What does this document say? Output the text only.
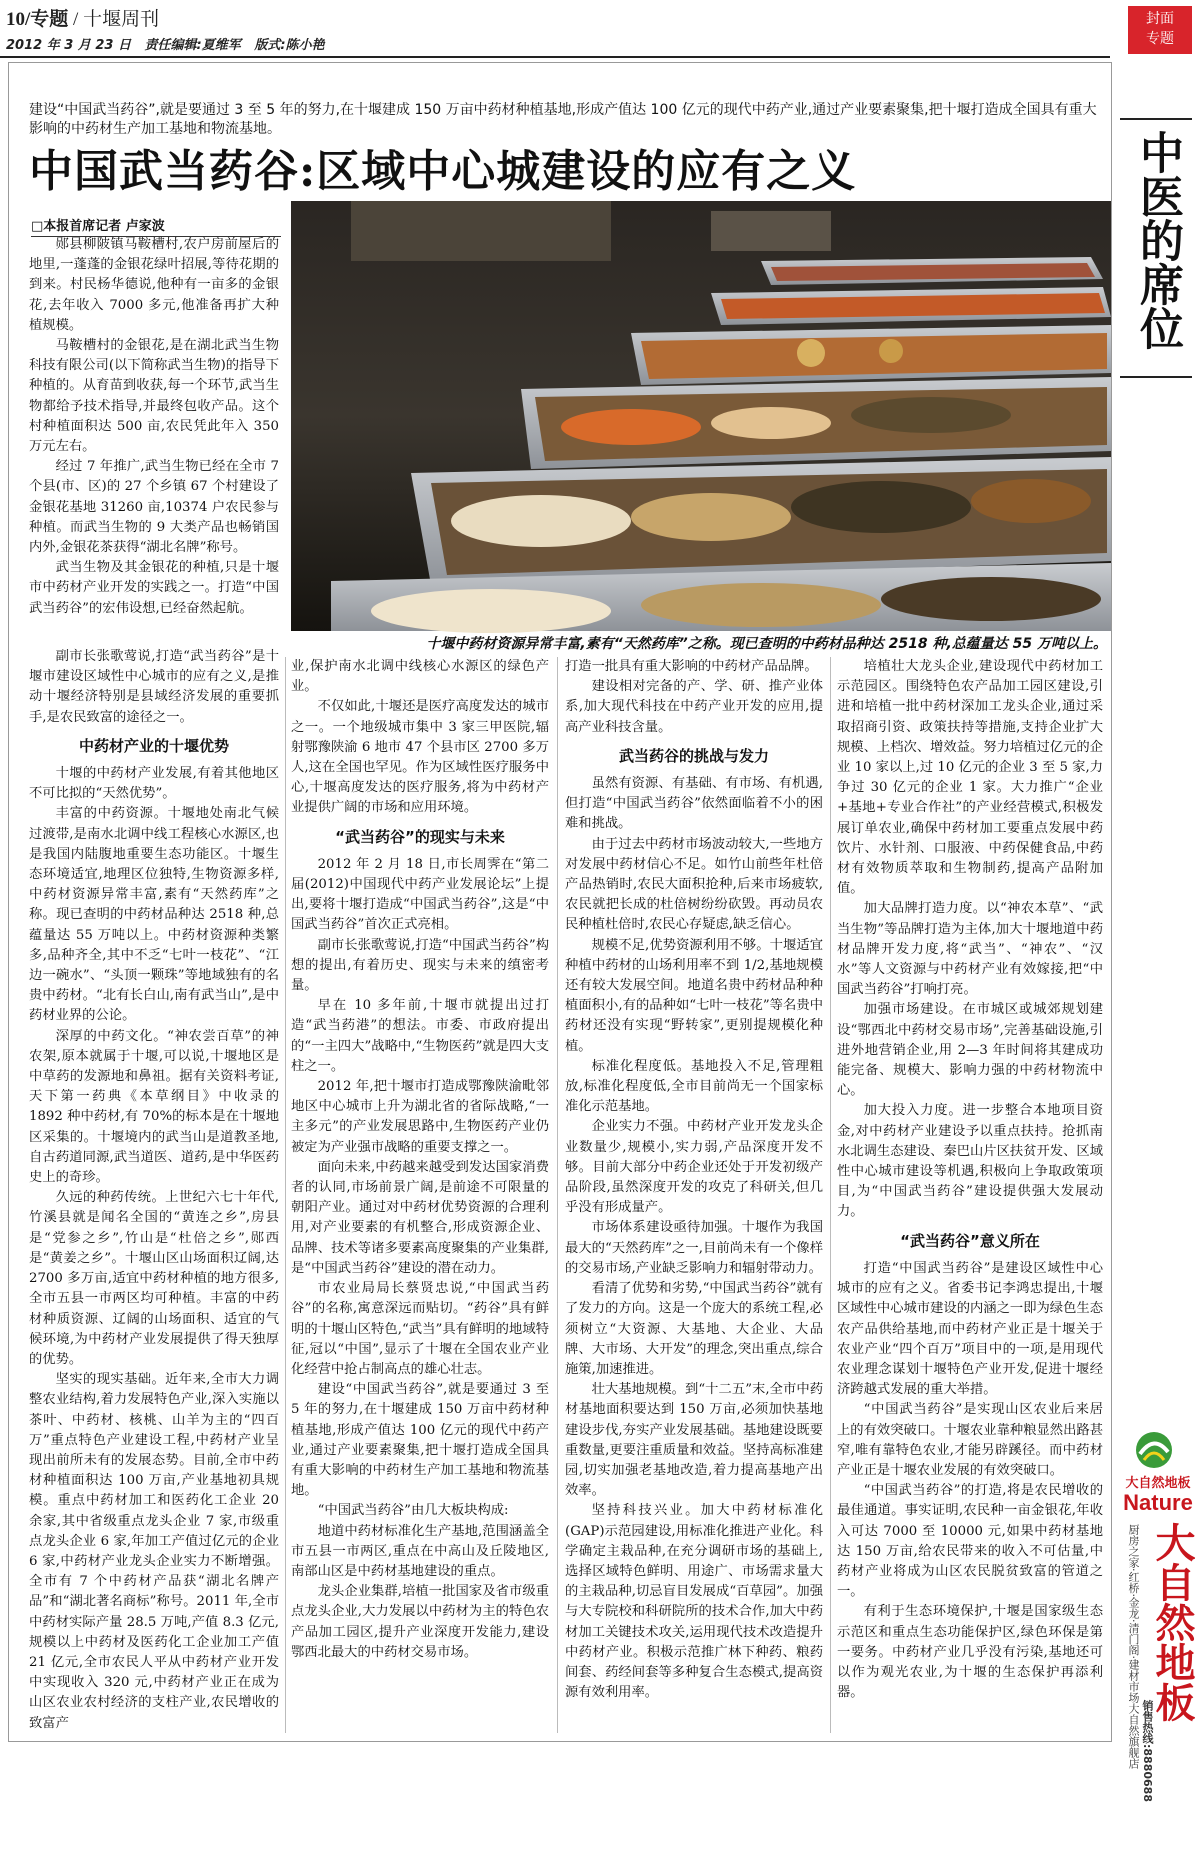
10/专题 / 十堰周刊
2012 年 3 月 23 日 责任编辑:夏维军 版式:陈小艳
封面
专题
中医的席位
大自然地板
Nature
厨房之家·红桥·金龙·清门阁·建材市场大自然旗舰店 销售热线:8880688
大自然地板
建设“中国武当药谷”,就是要通过 3 至 5 年的努力,在十堰建成 150 万亩中药材种植基地,形成产值达 100 亿元的现代中药产业,通过产业要素聚集,把十堰打造成全国具有重大影响的中药材生产加工基地和物流基地。
中国武当药谷:区域中心城建设的应有之义
□本报首席记者 卢家波

郧县柳陂镇马鞍槽村,农户房前屋后的地里,一蓬蓬的金银花绿叶招展,等待花期的到来。村民杨华德说,他种有一亩多的金银花,去年收入 7000 多元,他准备再扩大种植规模。

马鞍槽村的金银花,是在湖北武当生物科技有限公司(以下简称武当生物)的指导下种植的。从育苗到收获,每一个环节,武当生物都给予技术指导,并最终包收产品。这个村种植面积达 500 亩,农民凭此年入 350 万元左右。

经过 7 年推广,武当生物已经在全市 7 个县(市、区)的 27 个乡镇 67 个村建设了金银花基地 31260 亩,10374 户农民参与种植。而武当生物的 9 大类产品也畅销国内外,金银花茶获得“湖北名牌”称号。

武当生物及其金银花的种植,只是十堰市中药材产业开发的实践之一。打造“中国武当药谷”的宏伟设想,已经奋然起航。

十堰中药材资源异常丰富,素有“天然药库”之称。现已查明的中药材品种达 2518 种,总蕴量达 55 万吨以上。

副市长张歌莺说,打造“武当药谷”是十堰市建设区域性中心城市的应有之义,是推动十堰经济特别是县域经济发展的重要抓手,是农民致富的途径之一。

中药材产业的十堰优势

十堰的中药材产业发展,有着其他地区不可比拟的“天然优势”。

丰富的中药资源。十堰地处南北气候过渡带,是南水北调中线工程核心水源区,也是我国内陆腹地重要生态功能区。十堰生态环境适宜,地理区位独特,生物资源多样,中药材资源异常丰富,素有“天然药库”之称。现已查明的中药材品种达 2518 种,总蕴量达 55 万吨以上。中药材资源种类繁多,品种齐全,其中不乏“七叶一枝花”、“江边一碗水”、“头顶一颗珠”等地域独有的名贵中药材。“北有长白山,南有武当山”,是中药材业界的公论。

深厚的中药文化。“神农尝百草”的神农架,原本就属于十堰,可以说,十堰地区是中草药的发源地和鼻祖。据有关资料考证,天下第一药典《本草纲目》中收录的 1892 种中药材,有 70%的标本是在十堰地区采集的。十堰境内的武当山是道教圣地,自古药道同源,武当道医、道药,是中华医药史上的奇珍。

久远的种药传统。上世纪六七十年代,竹溪县就是闻名全国的“黄连之乡”,房县是“党参之乡”,竹山是“杜倍之乡”,郧西是“黄姜之乡”。十堰山区山场面积辽阔,达 2700 多万亩,适宜中药材种植的地方很多,全市五县一市两区均可种植。丰富的中药材种质资源、辽阔的山场面积、适宜的气候环境,为中药材产业发展提供了得天独厚的优势。

坚实的现实基础。近年来,全市大力调整农业结构,着力发展特色产业,深入实施以茶叶、中药材、核桃、山羊为主的“四百万”重点特色产业建设工程,中药材产业呈现出前所未有的发展态势。目前,全市中药材种植面积达 100 万亩,产业基地初具规模。重点中药材加工和医药化工企业 20 余家,其中省级重点龙头企业 7 家,市级重点龙头企业 6 家,年加工产值过亿元的企业 6 家,中药材产业龙头企业实力不断增强。全市有 7 个中药材产品获“湖北名牌产品”和“湖北著名商标”称号。2011 年,全市中药材实际产量 28.5 万吨,产值 8.3 亿元,规模以上中药材及医药化工企业加工产值 21 亿元,全市农民人平从中药材产业开发中实现收入 320 元,中药材产业正在成为山区农业农村经济的支柱产业,农民增收的致富产

业,保护南水北调中线核心水源区的绿色产业。

不仅如此,十堰还是医疗高度发达的城市之一。一个地级城市集中 3 家三甲医院,辐射鄂豫陕渝 6 地市 47 个县市区 2700 多万人,这在全国也罕见。作为区域性医疗服务中心,十堰高度发达的医疗服务,将为中药材产业提供广阔的市场和应用环境。

“武当药谷”的现实与未来

2012 年 2 月 18 日,市长周霁在“第二届(2012)中国现代中药产业发展论坛”上提出,要将十堰打造成“中国武当药谷”,这是“中国武当药谷”首次正式亮相。

副市长张歌莺说,打造“中国武当药谷”构想的提出,有着历史、现实与未来的缜密考量。

早在 10 多年前,十堰市就提出过打造“武当药港”的想法。市委、市政府提出的“一主四大”战略中,“生物医药”就是四大支柱之一。

2012 年,把十堰市打造成鄂豫陕渝毗邻地区中心城市上升为湖北省的省际战略,“一主多元”的产业发展思路中,生物医药产业仍被定为产业强市战略的重要支撑之一。

面向未来,中药越来越受到发达国家消费者的认同,市场前景广阔,是前途不可限量的朝阳产业。通过对中药材优势资源的合理利用,对产业要素的有机整合,形成资源企业、品牌、技术等诸多要素高度聚集的产业集群,是“中国武当药谷”建设的潜在动力。

市农业局局长蔡贤忠说,“中国武当药谷”的名称,寓意深远而贴切。“药谷”具有鲜明的十堰山区特色,“武当”具有鲜明的地域特征,冠以“中国”,显示了十堰在全国农业产业化经营中抢占制高点的雄心壮志。

建设“中国武当药谷”,就是要通过 3 至 5 年的努力,在十堰建成 150 万亩中药材种植基地,形成产值达 100 亿元的现代中药产业,通过产业要素聚集,把十堰打造成全国具有重大影响的中药材生产加工基地和物流基地。

“中国武当药谷”由几大板块构成:

地道中药材标准化生产基地,范围涵盖全市五县一市两区,重点在中高山及丘陵地区,南部山区是中药材基地建设的重点。

龙头企业集群,培植一批国家及省市级重点龙头企业,大力发展以中药材为主的特色农产品加工园区,提升产业深度开发能力,建设鄂西北最大的中药材交易市场。

打造一批具有重大影响的中药材产品品牌。

建设相对完备的产、学、研、推产业体系,加大现代科技在中药产业开发的应用,提高产业科技含量。

武当药谷的挑战与发力

虽然有资源、有基础、有市场、有机遇,但打造“中国武当药谷”依然面临着不小的困难和挑战。

由于过去中药材市场波动较大,一些地方对发展中药材信心不足。如竹山前些年杜倍产品热销时,农民大面积抢种,后来市场疲软,农民就把长成的杜倍树纷纷砍毁。再动员农民种植杜倍时,农民心存疑虑,缺乏信心。

规模不足,优势资源利用不够。十堰适宜种植中药材的山场利用率不到 1/2,基地规模还有较大发展空间。地道名贵中药材品种种植面积小,有的品种如“七叶一枝花”等名贵中药材还没有实现“野转家”,更别提规模化种植。

标准化程度低。基地投入不足,管理粗放,标准化程度低,全市目前尚无一个国家标准化示范基地。

企业实力不强。中药材产业开发龙头企业数量少,规模小,实力弱,产品深度开发不够。目前大部分中药企业还处于开发初级产品阶段,虽然深度开发的攻克了科研关,但几乎没有形成量产。

市场体系建设亟待加强。十堰作为我国最大的“天然药库”之一,目前尚未有一个像样的交易市场,产业缺乏影响力和辐射带动力。

看清了优势和劣势,“中国武当药谷”就有了发力的方向。这是一个庞大的系统工程,必须树立“大资源、大基地、大企业、大品牌、大市场、大开发”的理念,突出重点,综合施策,加速推进。

壮大基地规模。到“十二五”末,全市中药材基地面积要达到 150 万亩,必须加快基地建设步伐,夯实产业发展基础。基地建设既要重数量,更要注重质量和效益。坚持高标准建园,切实加强老基地改造,着力提高基地产出效率。

坚持科技兴业。加大中药材标准化(GAP)示范园建设,用标准化推进产业化。科学确定主栽品种,在充分调研市场的基础上,选择区域特色鲜明、用途广、市场需求量大的主栽品种,切忌盲目发展成“百草园”。加强与大专院校和科研院所的技术合作,加大中药材加工关键技术攻关,运用现代技术改造提升中药材产业。积极示范推广林下种药、粮药间套、药经间套等多种复合生态模式,提高资源有效利用率。

培植壮大龙头企业,建设现代中药材加工示范园区。围绕特色农产品加工园区建设,引进和培植一批中药材深加工龙头企业,通过采取招商引资、政策扶持等措施,支持企业扩大规模、上档次、增效益。努力培植过亿元的企业 10 家以上,过 10 亿元的企业 3 至 5 家,力争过 30 亿元的企业 1 家。大力推广“企业+基地+专业合作社”的产业经营模式,积极发展订单农业,确保中药材加工要重点发展中药饮片、水针剂、口服液、中药保健食品,中药材有效物质萃取和生物制药,提高产品附加值。

加大品牌打造力度。以“神农本草”、“武当生物”等品牌打造为主体,加大十堰地道中药材品牌开发力度,将“武当”、“神农”、“汉水”等人文资源与中药材产业有效嫁接,把“中国武当药谷”打响打亮。

加强市场建设。在市城区或城郊规划建设“鄂西北中药材交易市场”,完善基础设施,引进外地营销企业,用 2—3 年时间将其建成功能完备、规模大、影响力强的中药材物流中心。

加大投入力度。进一步整合本地项目资金,对中药材产业建设予以重点扶持。抢抓南水北调生态建设、秦巴山片区扶贫开发、区域性中心城市建设等机遇,积极向上争取政策项目,为“中国武当药谷”建设提供强大发展动力。

“武当药谷”意义所在

打造“中国武当药谷”是建设区域性中心城市的应有之义。省委书记李鸿忠提出,十堰区域性中心城市建设的内涵之一即为绿色生态农产品供给基地,而中药材产业正是十堰关于农业产业“四个百万”项目中的一项,是用现代农业理念谋划十堰特色产业开发,促进十堰经济跨越式发展的重大举措。

“中国武当药谷”是实现山区农业后来居上的有效突破口。十堰农业靠种粮显然出路甚窄,唯有靠特色农业,才能另辟蹊径。而中药材产业正是十堰农业发展的有效突破口。

“中国武当药谷”的打造,将是农民增收的最佳通道。事实证明,农民种一亩金银花,年收入可达 7000 至 10000 元,如果中药材基地达 150 万亩,给农民带来的收入不可估量,中药材产业将成为山区农民脱贫致富的管道之一。

有利于生态环境保护,十堰是国家级生态示范区和重点生态功能保护区,绿色环保是第一要务。中药材产业几乎没有污染,基地还可以作为观光农业,为十堰的生态保护再添利器。
